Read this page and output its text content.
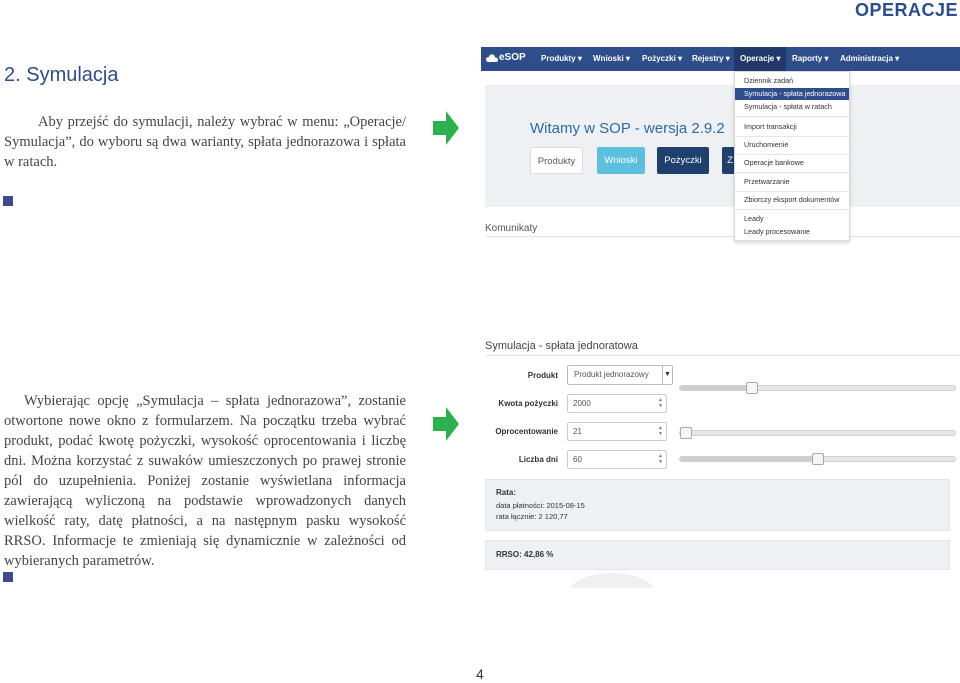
OPERACJE
2. Symulacja

Aby przejść do symulacji, należy wybrać w menu: „Operacje/ Symulacja”, do wyboru są dwa warianty, spłata jednorazowa i spłata w ratach.

Wybierając opcję „Symulacja – spłata jednorazowa”, zostanie otwortone nowe okno z formularzem. Na początku trzeba wybrać produkt, podać kwotę pożyczki, wysokość oprocentowania i liczbę dni. Można korzystać z suwaków umieszczonych po prawej stronie pól do uzupełnienia. Poniżej zostanie wyświetlana informacja zawierającą wyliczoną na podstawie wprowadzonych danych wielkość raty, datę płatności, a na następnym pasku wysokość RRSO. Informacje te zmieniają się dynamicznie w zależności od wybieranych parametrów.

eSOP Produkty ▾ Wnioski ▾ Pożyczki ▾ Rejestry ▾	Operacje ▾	Raporty ▾ Administracja ▾
Witamy w SOP - wersja 2.9.2
Produkty	Wnioski	Pożyczki	Z
Komunikaty
Dziennik zadań
Symulacja - spłata jednorazowa
Symulacja - spłata w ratach
Import transakcji
Uruchomienie
Operacje bankowe
Przetwarzanie
Zbiorczy eksport dokumentów
Leady
Leady procesowanie
Symulacja - spłata jednoratowa
Produkt	Produkt jednorazowy ▼
Kwota pożyczki	2000	▲
▼
Oprocentowanie	21	▲
▼
Liczba dni	60	▲
▼
Rata:
data płatności: 2015-08-15
rata łącznie: 2 120,77
RRSO: 42,86 %
4
